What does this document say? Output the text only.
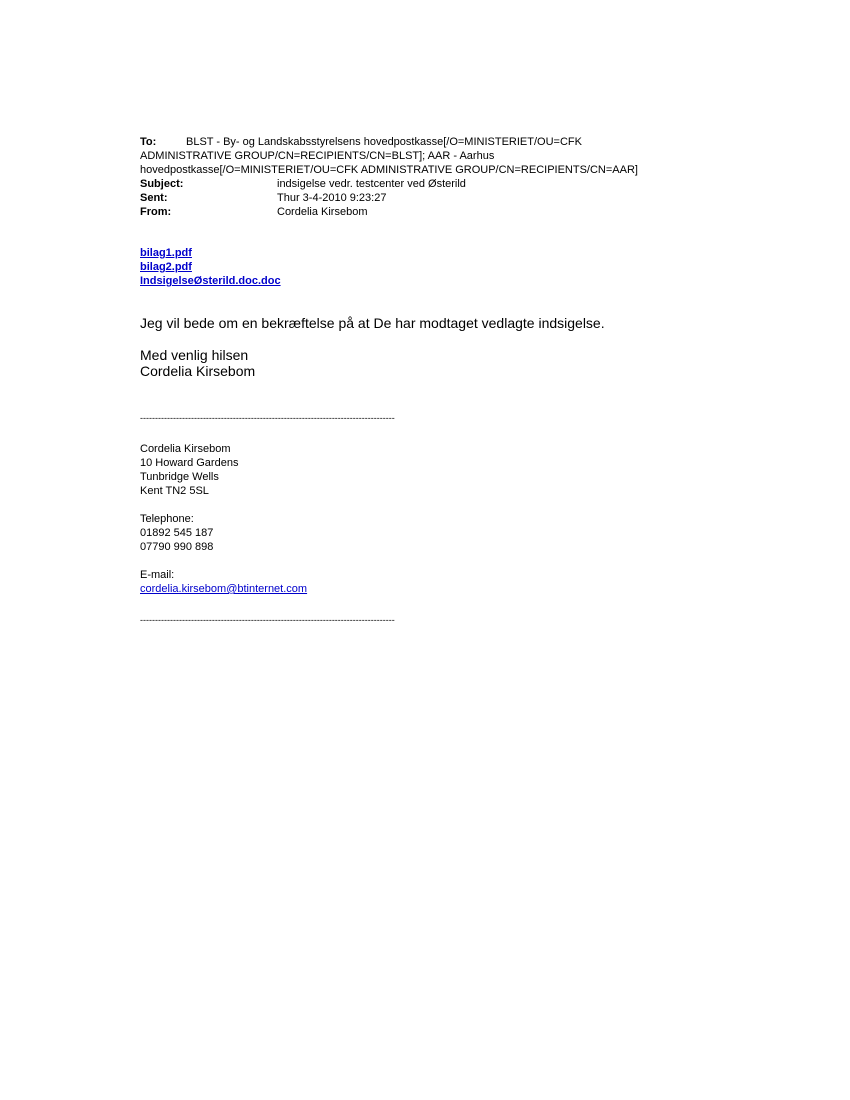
To:	BLST - By- og Landskabsstyrelsens hovedpostkasse[/O=MINISTERIET/OU=CFK ADMINISTRATIVE GROUP/CN=RECIPIENTS/CN=BLST]; AAR - Aarhus hovedpostkasse[/O=MINISTERIET/OU=CFK ADMINISTRATIVE GROUP/CN=RECIPIENTS/CN=AAR]

Subject:	indsigelse vedr. testcenter ved Østerild
Sent:	Thur 3-4-2010 9:23:27
From:	Cordelia Kirsebom
bilag1.pdf
bilag2.pdf
IndsigelseØsterild.doc.doc

Jeg vil bede om en bekræftelse på at De har modtaget vedlagte indsigelse.

Med venlig hilsen

Cordelia Kirsebom

-------------------------------------------------------------------------------------
Cordelia Kirsebom
10 Howard Gardens
Tunbridge Wells
Kent TN2 5SL
Telephone:
01892 545 187
07790 990 898
E-mail:
cordelia.kirsebom@btinternet.com
-------------------------------------------------------------------------------------
